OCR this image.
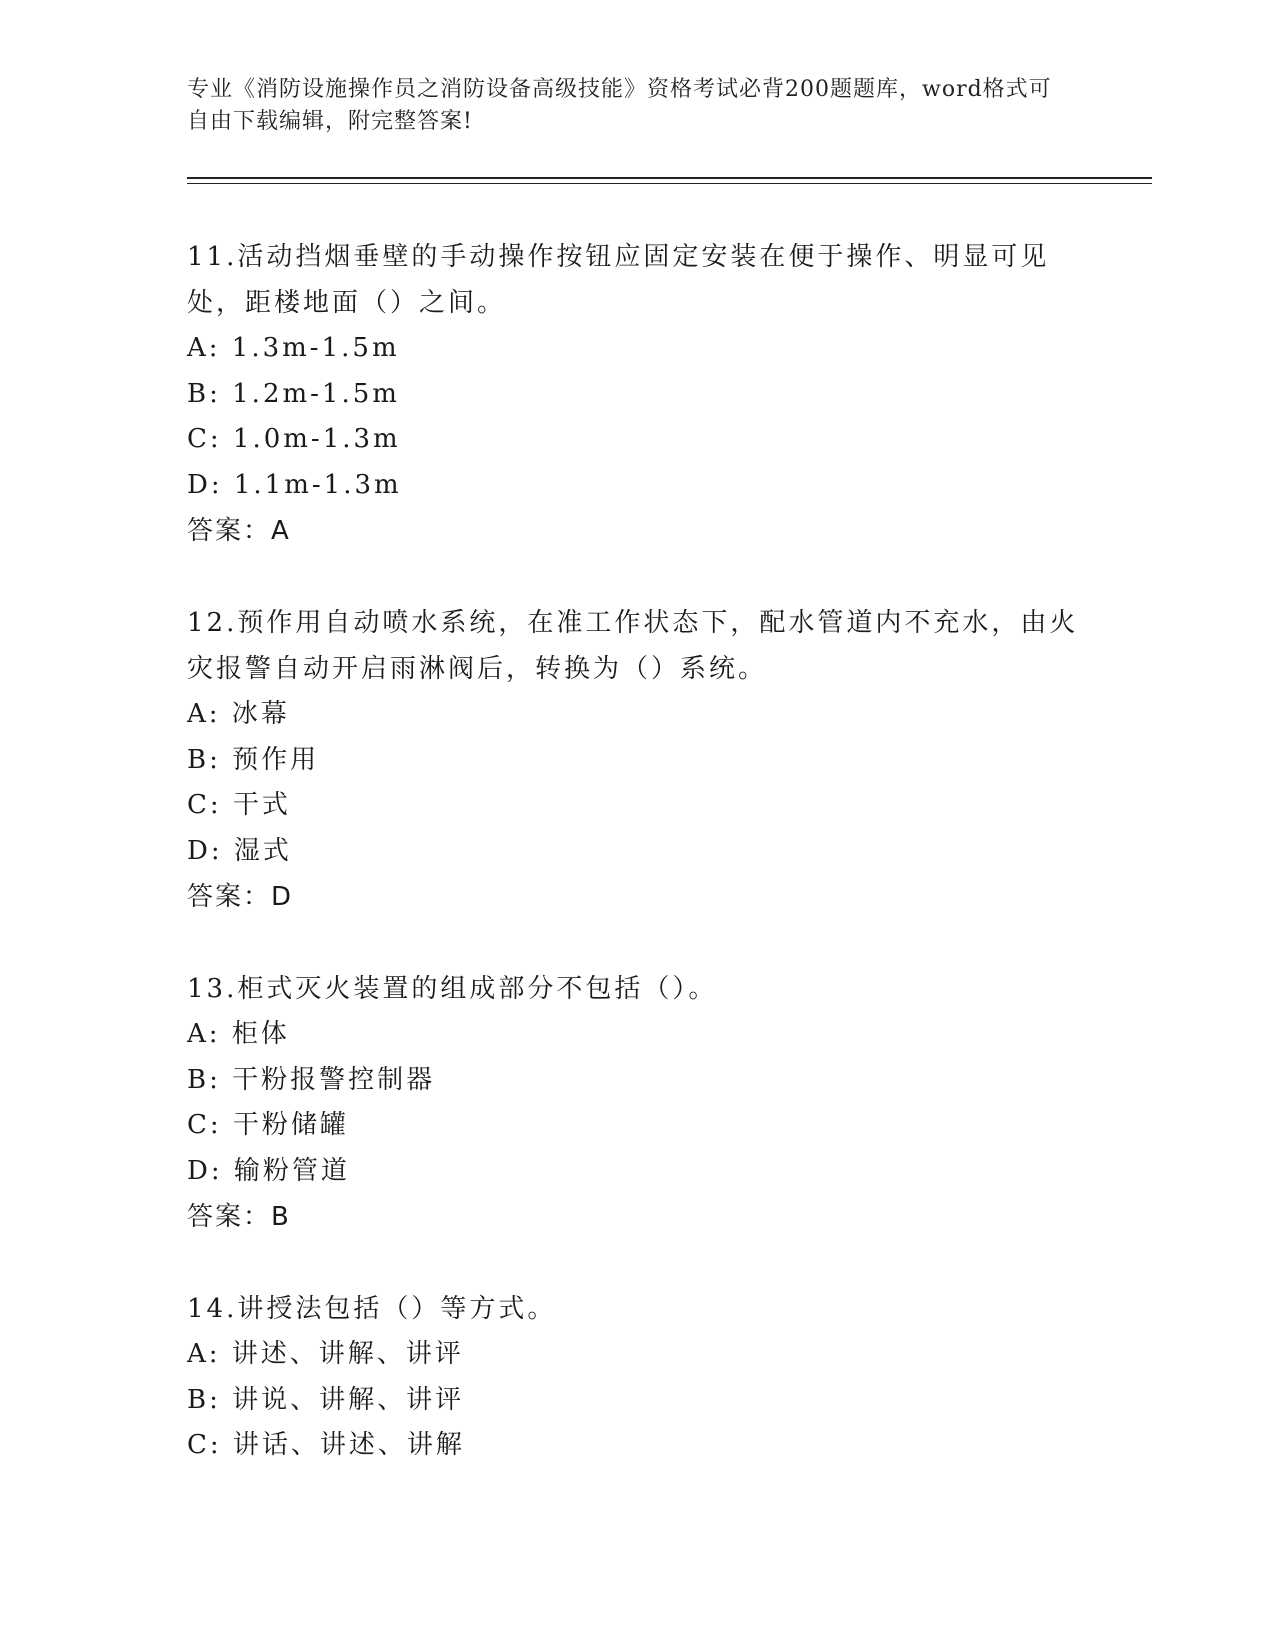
专业《消防设施操作员之消防设备高级技能》资格考试必背200题题库，word格式可自由下载编辑，附完整答案!

11.活动挡烟垂壁的手动操作按钮应固定安装在便于操作、明显可见处，距楼地面（）之间。

A: 1.3m-1.5m

B: 1.2m-1.5m

C: 1.0m-1.3m

D: 1.1m-1.3m

答案：A

12.预作用自动喷水系统，在准工作状态下，配水管道内不充水，由火灾报警自动开启雨淋阀后，转换为（）系统。

A: 冰幕

B: 预作用

C: 干式

D: 湿式

答案：D

13.柜式灭火装置的组成部分不包括（）。

A: 柜体

B: 干粉报警控制器

C: 干粉储罐

D: 输粉管道

答案：B

14.讲授法包括（）等方式。

A: 讲述、讲解、讲评

B: 讲说、讲解、讲评

C: 讲话、讲述、讲解
